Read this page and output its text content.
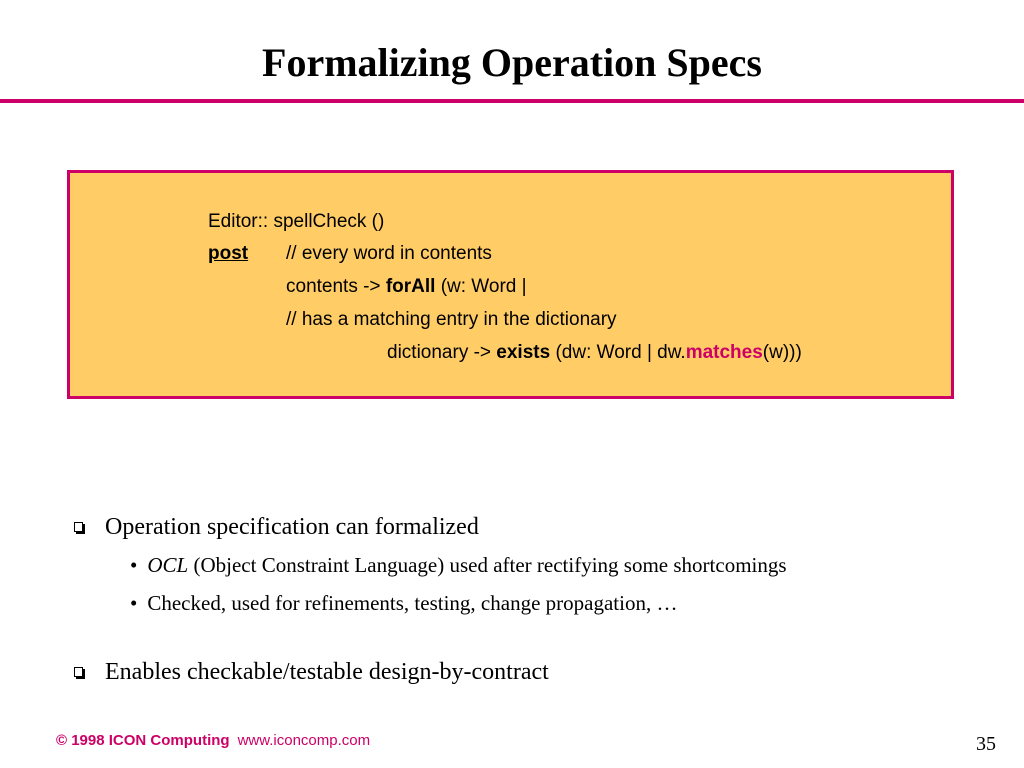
Formalizing Operation Specs
Editor:: spellCheck ()
post // every word in contents
contents -> forAll (w: Word |
// has a matching entry in the dictionary
dictionary -> exists (dw: Word | dw.matches(w)))
Operation specification can formalized
• OCL (Object Constraint Language) used after rectifying some shortcomings
• Checked, used for refinements, testing, change propagation, …
Enables checkable/testable design-by-contract
© 1998 ICON Computing www.iconcomp.com	35
